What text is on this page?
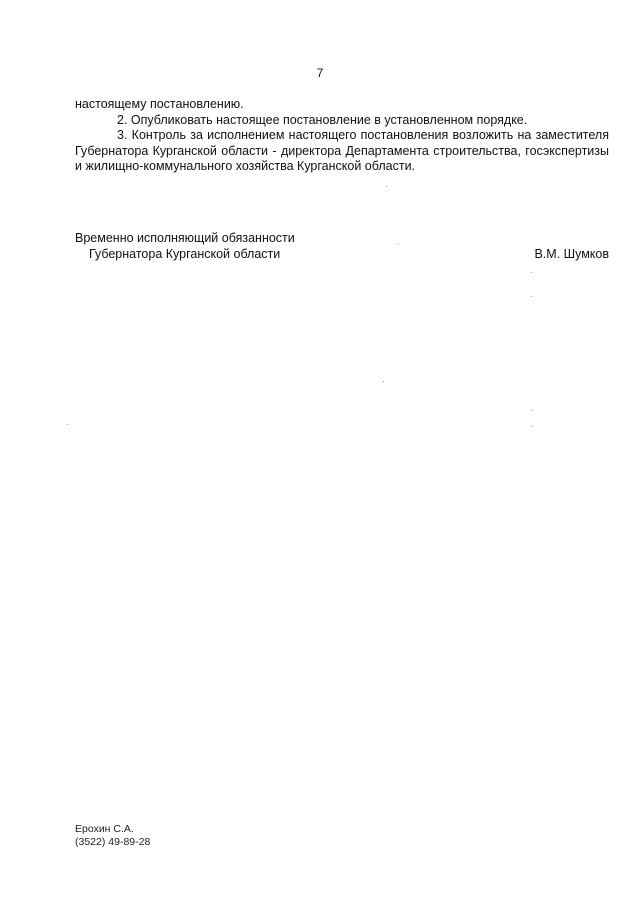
7

настоящему постановлению.

2. Опубликовать настоящее постановление в установленном порядке.

3. Контроль за исполнением настоящего постановления возложить на заместителя Губернатора Курганской области - директора Департамента строительства, госэкспертизы и жилищно-коммунального хозяйства Курганской области.

Временно исполняющий обязанности
Губернатора Курганской области	В.М. Шумков
Ерохин С.А.
(3522) 49-89-28
